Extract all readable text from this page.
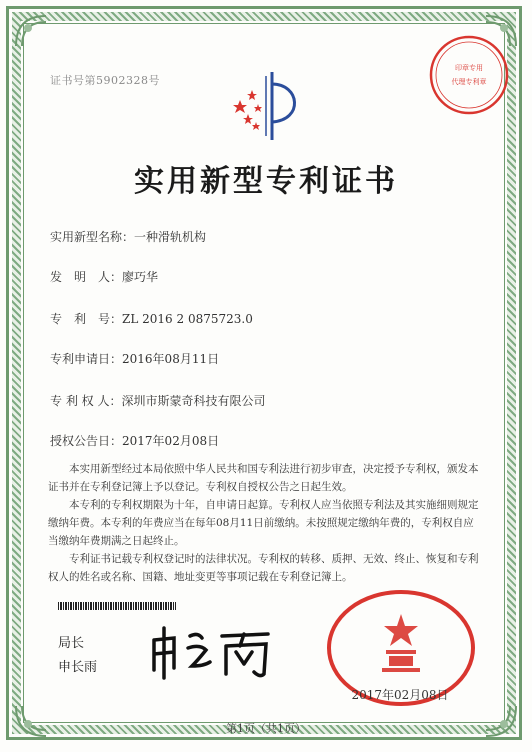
证书号第5902328号
印章专用
代理专利章
实用新型专利证书
实用新型名称：一种滑轨机构
发　明　人：廖巧华
专　利　号：ZL 2016 2 0875723.0
专利申请日：2016年08月11日
专 利 权 人：深圳市斯蒙奇科技有限公司
授权公告日：2017年02月08日

本实用新型经过本局依照中华人民共和国专利法进行初步审查，决定授予专利权，颁发本证书并在专利登记簿上予以登记。专利权自授权公告之日起生效。

本专利的专利权期限为十年，自申请日起算。专利权人应当依照专利法及其实施细则规定缴纳年费。本专利的年费应当在每年08月11日前缴纳。未按照规定缴纳年费的，专利权自应当缴纳年费期满之日起终止。

专利证书记载专利权登记时的法律状况。专利权的转移、质押、无效、终止、恢复和专利权人的姓名或名称、国籍、地址变更等事项记载在专利登记簿上。

局长
申长雨
2017年02月08日
第1页（共1页）
